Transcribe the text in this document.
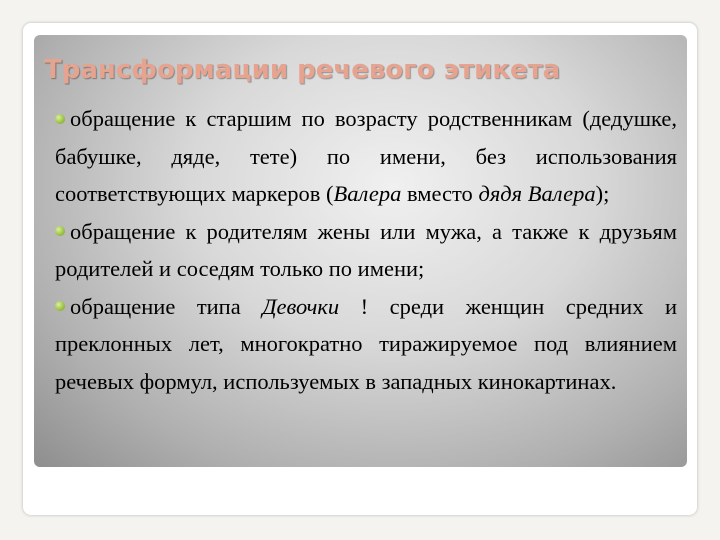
Трансформации речевого этикета

обращение к старшим по возрасту родственникам (дедушке, бабушке, дяде, тете) по имени, без использования соответствующих маркеров (Валера вместо дядя Валера);

обращение к родителям жены или мужа, а также к друзьям родителей и соседям только по имени;

обращение типа Девочки ! среди женщин средних и преклонных лет, многократно тиражируемое под влиянием речевых формул, используемых в западных кинокартинах.
